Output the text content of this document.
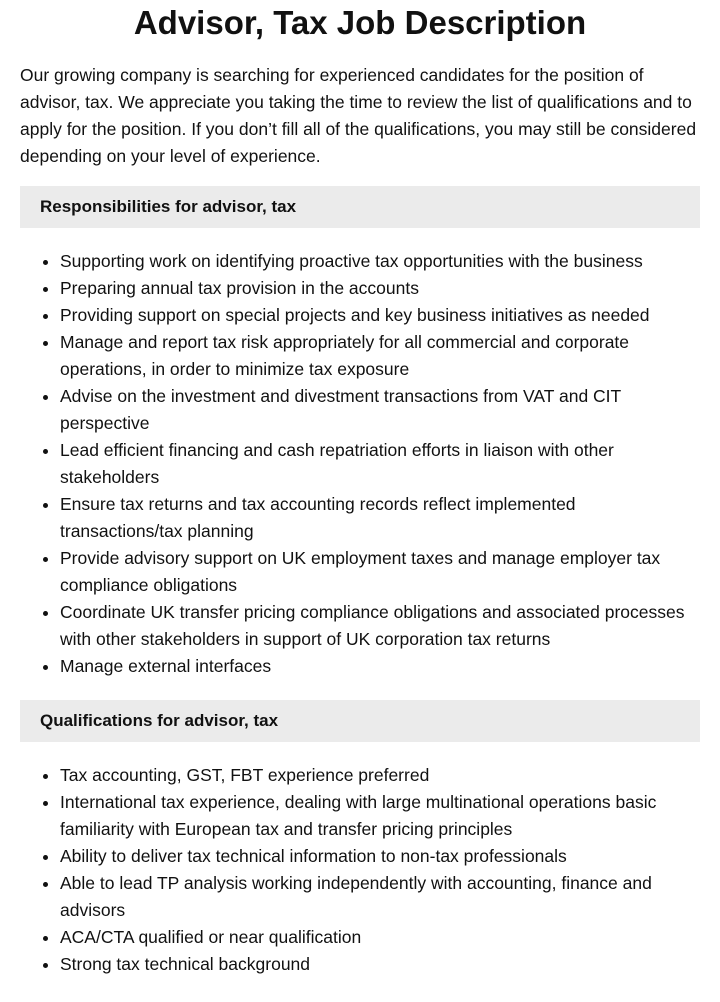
Advisor, Tax Job Description

Our growing company is searching for experienced candidates for the position of advisor, tax. We appreciate you taking the time to review the list of qualifications and to apply for the position. If you don’t fill all of the qualifications, you may still be considered depending on your level of experience.

Responsibilities for advisor, tax
• Supporting work on identifying proactive tax opportunities with the business
• Preparing annual tax provision in the accounts
• Providing support on special projects and key business initiatives as needed
• Manage and report tax risk appropriately for all commercial and corporate operations, in order to minimize tax exposure
• Advise on the investment and divestment transactions from VAT and CIT perspective
• Lead efficient financing and cash repatriation efforts in liaison with other stakeholders
• Ensure tax returns and tax accounting records reflect implemented transactions/tax planning
• Provide advisory support on UK employment taxes and manage employer tax compliance obligations
• Coordinate UK transfer pricing compliance obligations and associated processes with other stakeholders in support of UK corporation tax returns
• Manage external interfaces
Qualifications for advisor, tax
• Tax accounting, GST, FBT experience preferred
• International tax experience, dealing with large multinational operations basic familiarity with European tax and transfer pricing principles
• Ability to deliver tax technical information to non-tax professionals
• Able to lead TP analysis working independently with accounting, finance and advisors
• ACA/CTA qualified or near qualification
• Strong tax technical background
